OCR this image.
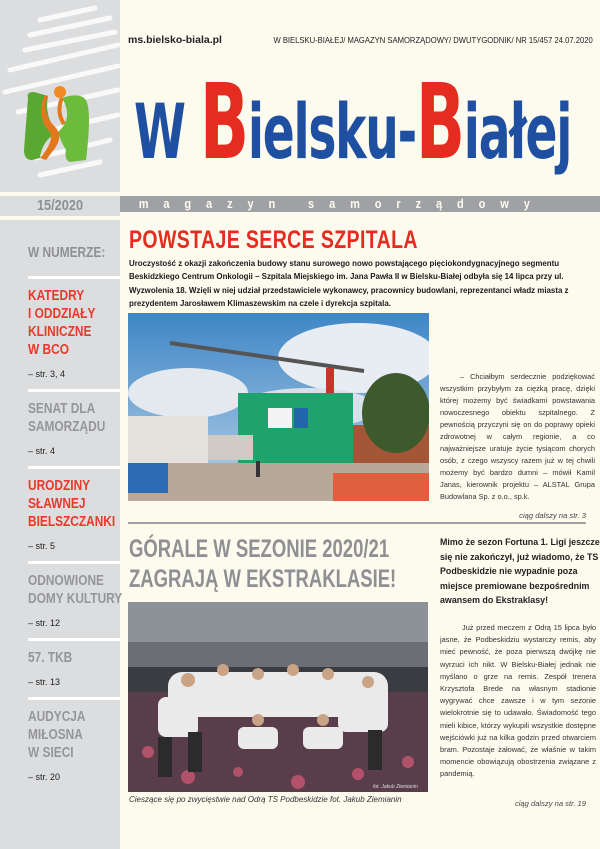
15/2020
W NUMERZE:
KATEDRY
I ODDZIAŁY
KLINICZNE
W BCO
– str. 3, 4
SENAT DLA
SAMORZĄDU
– str. 4
URODZINY
SŁAWNEJ
BIELSZCZANKI
– str. 5
ODNOWIONE
DOMY KULTURY
– str. 12
57. TKB
– str. 13
AUDYCJA
MIŁOSNA
W SIECI
– str. 20
ms.bielsko-biala.pl	W BIELSKU-BIAŁEJ/ MAGAZYN SAMORZĄDOWY/ DWUTYGODNIK/ NR 15/457 24.07.2020
W Bielsku-Białej
magazyn samorządowy
POWSTAJE SERCE SZPITALA

Uroczystość z okazji zakończenia budowy stanu surowego nowo powstającego pięciokondygnacyjnego segmentu Beskidzkiego Centrum Onkologii – Szpitala Miejskiego im. Jana Pawła II w Bielsku-Białej odbyła się 14 lipca przy ul. Wyzwolenia 18. Wzięli w niej udział przedstawiciele wykonawcy, pracownicy budowlani, reprezentanci władz miasta z prezydentem Jarosławem Klimaszewskim na czele i dyrekcja szpitala.

– Chciałbym serdecznie podziękować wszystkim przybyłym za ciężką pracę, dzięki której możemy być świadkami powstawania nowoczesnego obiektu szpitalnego. Z pewnością przyczyni się on do poprawy opieki zdrowotnej w całym regionie, a co najważniejsze uratuje życie tysiącom chorych osób, z czego wszyscy razem już w tej chwili możemy być bardzo dumni – mówił Kamil Janas, kierownik projektu – ALSTAL Grupa Budowlana Sp. z o.o., sp.k.

ciąg dalszy na str. 3
GÓRALE W SEZONIE 2020/21
ZAGRAJĄ W EKSTRAKLASIE!

Mimo że sezon Fortuna 1. Ligi jeszcze się nie zakończył, już wiadomo, że TS Podbeskidzie nie wypadnie poza miejsce premiowane bezpośrednim awansem do Ekstraklasy!

fot. Jakub Ziemianin
Cieszące się po zwycięstwie nad Odrą TS Podbeskidzie fot. Jakub Ziemianin

Już przed meczem z Odrą 15 lipca było jasne, że Podbeskidziu wystarczy remis, aby mieć pewność, że poza pierwszą dwójkę nie wyrzuci ich nikt. W Bielsku-Białej jednak nie myślano o grze na remis. Zespół trenera Krzysztofa Brede na własnym stadionie wygrywać chce zawsze i w tym sezonie wielokrotnie się to udawało. Świadomość tego mieli kibice, którzy wykupili wszystkie dostępne wejściówki już na kilka godzin przed otwarciem bram. Pozostaje żałować, że właśnie w takim momencie obowiązują obostrzenia związane z pandemią.

ciąg dalszy na str. 19
